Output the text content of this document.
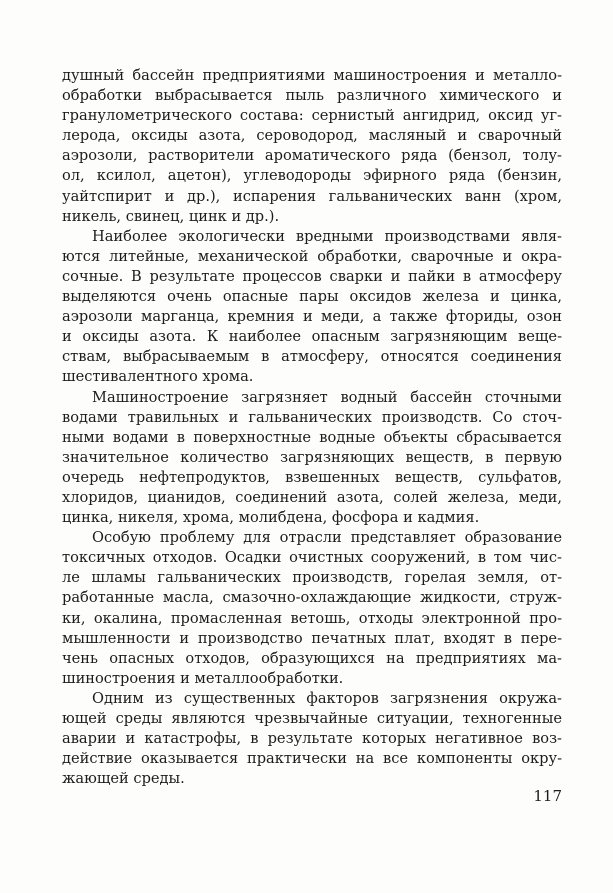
душный бассейн предприятиями машиностроения и металло-
обработки выбрасывается пыль различного химического и
гранулометрического состава: сернистый ангидрид, оксид уг-
лерода, оксиды азота, сероводород, масляный и сварочный
аэрозоли, растворители ароматического ряда (бензол, толу-
ол, ксилол, ацетон), углеводороды эфирного ряда (бензин,
уайтспирит и др.), испарения гальванических ванн (хром,
никель, свинец, цинк и др.).
Наиболее экологически вредными производствами явля-
ются литейные, механической обработки, сварочные и окра-
сочные. В результате процессов сварки и пайки в атмосферу
выделяются очень опасные пары оксидов железа и цинка,
аэрозоли марганца, кремния и меди, а также фториды, озон
и оксиды азота. К наиболее опасным загрязняющим веще-
ствам, выбрасываемым в атмосферу, относятся соединения
шестивалентного хрома.
Машиностроение загрязняет водный бассейн сточными
водами травильных и гальванических производств. Со сточ-
ными водами в поверхностные водные объекты сбрасывается
значительное количество загрязняющих веществ, в первую
очередь нефтепродуктов, взвешенных веществ, сульфатов,
хлоридов, цианидов, соединений азота, солей железа, меди,
цинка, никеля, хрома, молибдена, фосфора и кадмия.
Особую проблему для отрасли представляет образование
токсичных отходов. Осадки очистных сооружений, в том чис-
ле шламы гальванических производств, горелая земля, от-
работанные масла, смазочно-охлаждающие жидкости, струж-
ки, окалина, промасленная ветошь, отходы электронной про-
мышленности и производство печатных плат, входят в пере-
чень опасных отходов, образующихся на предприятиях ма-
шиностроения и металлообработки.
Одним из существенных факторов загрязнения окружа-
ющей среды являются чрезвычайные ситуации, техногенные
аварии и катастрофы, в результате которых негативное воз-
действие оказывается практически на все компоненты окру-
жающей среды.
117
